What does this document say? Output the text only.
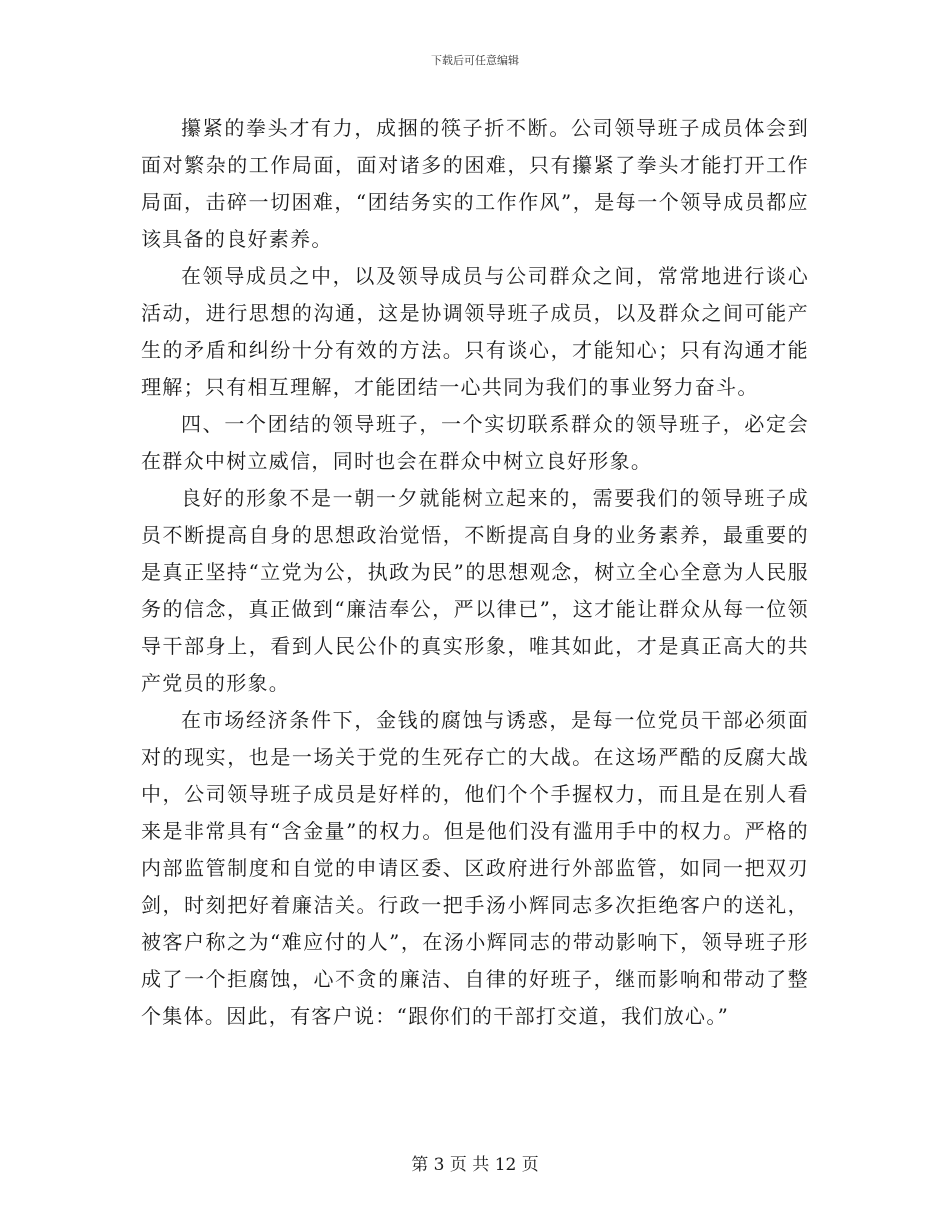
下载后可任意编辑

攥紧的拳头才有力，成捆的筷子折不断。公司领导班子成员体会到面对繁杂的工作局面，面对诸多的困难，只有攥紧了拳头才能打开工作局面，击碎一切困难，“团结务实的工作作风”，是每一个领导成员都应该具备的良好素养。

在领导成员之中，以及领导成员与公司群众之间，常常地进行谈心活动，进行思想的沟通，这是协调领导班子成员，以及群众之间可能产生的矛盾和纠纷十分有效的方法。只有谈心，才能知心；只有沟通才能理解；只有相互理解，才能团结一心共同为我们的事业努力奋斗。

四、一个团结的领导班子，一个实切联系群众的领导班子，必定会在群众中树立威信，同时也会在群众中树立良好形象。

良好的形象不是一朝一夕就能树立起来的，需要我们的领导班子成员不断提高自身的思想政治觉悟，不断提高自身的业务素养，最重要的是真正坚持“立党为公，执政为民”的思想观念，树立全心全意为人民服务的信念，真正做到“廉洁奉公，严以律已”，这才能让群众从每一位领导干部身上，看到人民公仆的真实形象，唯其如此，才是真正高大的共产党员的形象。

在市场经济条件下，金钱的腐蚀与诱惑，是每一位党员干部必须面对的现实，也是一场关于党的生死存亡的大战。在这场严酷的反腐大战中，公司领导班子成员是好样的，他们个个手握权力，而且是在别人看来是非常具有“含金量”的权力。但是他们没有滥用手中的权力。严格的内部监管制度和自觉的申请区委、区政府进行外部监管，如同一把双刃剑，时刻把好着廉洁关。行政一把手汤小辉同志多次拒绝客户的送礼，被客户称之为“难应付的人”，在汤小辉同志的带动影响下，领导班子形成了一个拒腐蚀，心不贪的廉洁、自律的好班子，继而影响和带动了整个集体。因此，有客户说：“跟你们的干部打交道，我们放心。”

第 3 页 共 12 页
